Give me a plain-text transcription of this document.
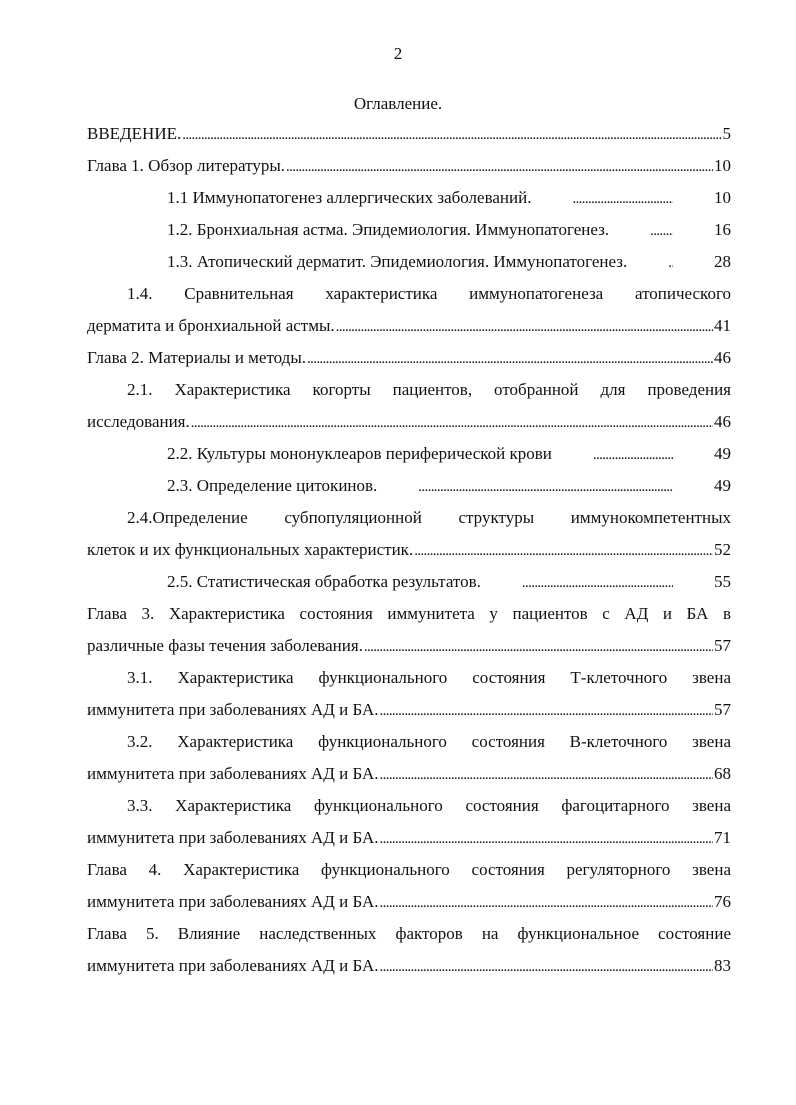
2
Оглавление.
ВВЕДЕНИЕ. . . .	5
Глава 1. Обзор литературы. . . .	10
1.1 Иммунопатогенез аллергических заболеваний. . . .	10
1.2. Бронхиальная астма. Эпидемиология. Иммунопатогенез. . . .	16
1.3. Атопический дерматит. Эпидемиология. Иммунопатогенез. . . .	28
1.4. Сравнительная характеристика иммунопатогенеза атопического
дерматита и бронхиальной астмы. . . .	41
Глава 2. Материалы и методы. . . .	46
2.1. Характеристика когорты пациентов, отобранной для проведения
исследования. . . .	46
2.2. Культуры мононуклеаров периферической крови . . .	49
2.3. Определение цитокинов. . . .	49
2.4.Определение субпопуляционной структуры иммунокомпетентных
клеток и их функциональных характеристик. . . .	52
2.5. Статистическая обработка результатов. . . .	55
Глава 3. Характеристика состояния иммунитета у пациентов с АД и БА в
различные фазы течения заболевания. . . .	57
3.1. Характеристика функционального состояния Т-клеточного звена
иммунитета при заболеваниях АД и БА. . . .	57
3.2. Характеристика функционального состояния В-клеточного звена
иммунитета при заболеваниях АД и БА. . . .	68
3.3. Характеристика функционального состояния фагоцитарного звена
иммунитета при заболеваниях АД и БА. . . .	71
Глава 4. Характеристика функционального состояния регуляторного звена
иммунитета при заболеваниях АД и БА. . . .	76
Глава 5. Влияние наследственных факторов на функциональное состояние
иммунитета при заболеваниях АД и БА. . . .	83
